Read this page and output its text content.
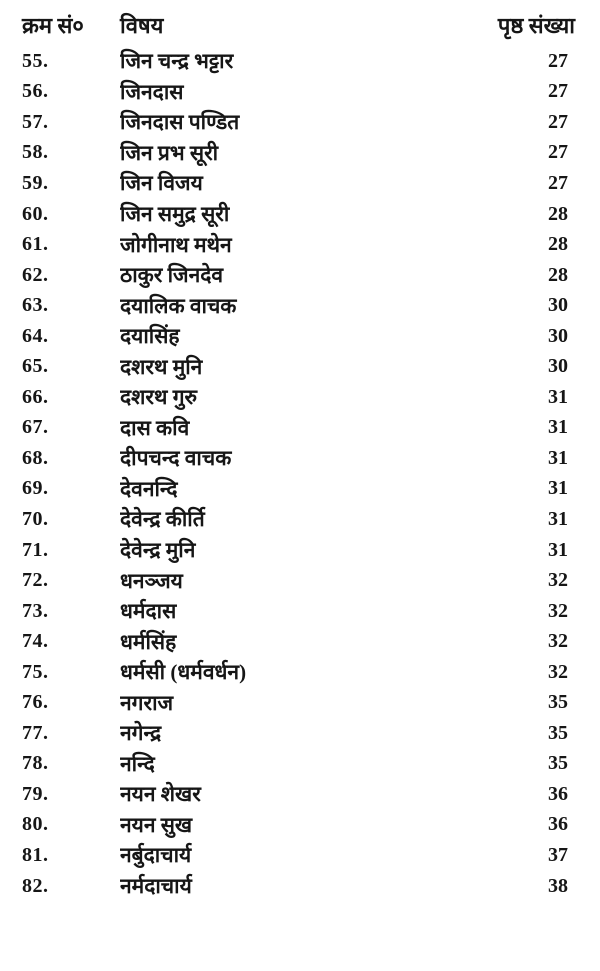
क्रम सं०	विषय	पृष्ठ संख्या
55.	जिन चन्द्र भट्टार	27
56.	जिनदास	27
57.	जिनदास पण्डित	27
58.	जिन प्रभ सूरी	27
59.	जिन विजय	27
60.	जिन समुद्र सूरी	28
61.	जोगीनाथ मथेन	28
62.	ठाकुर जिनदेव	28
63.	दयालिक वाचक	30
64.	दयासिंह	30
65.	दशरथ मुनि	30
66.	दशरथ गुरु	31
67.	दास कवि	31
68.	दीपचन्द वाचक	31
69.	देवनन्दि	31
70.	देवेन्द्र कीर्ति	31
71.	देवेन्द्र मुनि	31
72.	धनञ्जय	32
73.	धर्मदास	32
74.	धर्मसिंह	32
75.	धर्मसी (धर्मवर्धन)	32
76.	नगराज	35
77.	नगेन्द्र	35
78.	नन्दि	35
79.	नयन शेखर	36
80.	नयन सुख	36
81.	नर्बुदाचार्य	37
82.	नर्मदाचार्य	38
